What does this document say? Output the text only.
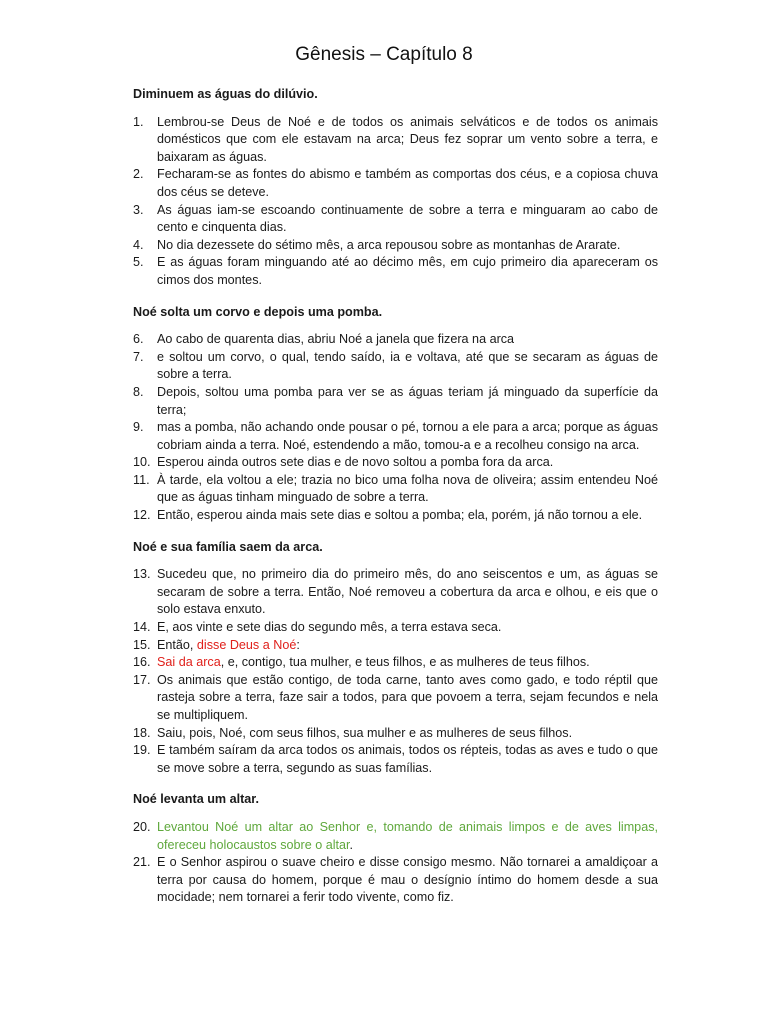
Gênesis – Capítulo 8
Diminuem as águas do dilúvio.
1.	Lembrou-se Deus de Noé e de todos os animais selváticos e de todos os animais domésticos que com ele estavam na arca; Deus fez soprar um vento sobre a terra, e baixaram as águas.
2.	Fecharam-se as fontes do abismo e também as comportas dos céus, e a copiosa chuva dos céus se deteve.
3.	As águas iam-se escoando continuamente de sobre a terra e minguaram ao cabo de cento e cinquenta dias.
4.	No dia dezessete do sétimo mês, a arca repousou sobre as montanhas de Ararate.
5.	E as águas foram minguando até ao décimo mês, em cujo primeiro dia apareceram os cimos dos montes.
Noé solta um corvo e depois uma pomba.
6.	Ao cabo de quarenta dias, abriu Noé a janela que fizera na arca
7.	e soltou um corvo, o qual, tendo saído, ia e voltava, até que se secaram as águas de sobre a terra.
8.	Depois, soltou uma pomba para ver se as águas teriam já minguado da superfície da terra;
9.	mas a pomba, não achando onde pousar o pé, tornou a ele para a arca; porque as águas cobriam ainda a terra. Noé, estendendo a mão, tomou-a e a recolheu consigo na arca.
10. Esperou ainda outros sete dias e de novo soltou a pomba fora da arca.
11. À tarde, ela voltou a ele; trazia no bico uma folha nova de oliveira; assim entendeu Noé que as águas tinham minguado de sobre a terra.
12. Então, esperou ainda mais sete dias e soltou a pomba; ela, porém, já não tornou a ele.
Noé e sua família saem da arca.
13. Sucedeu que, no primeiro dia do primeiro mês, do ano seiscentos e um, as águas se secaram de sobre a terra. Então, Noé removeu a cobertura da arca e olhou, e eis que o solo estava enxuto.
14. E, aos vinte e sete dias do segundo mês, a terra estava seca.
15. Então, disse Deus a Noé:
16. Sai da arca, e, contigo, tua mulher, e teus filhos, e as mulheres de teus filhos.
17. Os animais que estão contigo, de toda carne, tanto aves como gado, e todo réptil que rasteja sobre a terra, faze sair a todos, para que povoem a terra, sejam fecundos e nela se multipliquem.
18. Saiu, pois, Noé, com seus filhos, sua mulher e as mulheres de seus filhos.
19. E também saíram da arca todos os animais, todos os répteis, todas as aves e tudo o que se move sobre a terra, segundo as suas famílias.
Noé levanta um altar.
20. Levantou Noé um altar ao Senhor e, tomando de animais limpos e de aves limpas, ofereceu holocaustos sobre o altar.
21. E o Senhor aspirou o suave cheiro e disse consigo mesmo. Não tornarei a amaldiçoar a terra por causa do homem, porque é mau o desígnio íntimo do homem desde a sua mocidade; nem tornarei a ferir todo vivente, como fiz.
